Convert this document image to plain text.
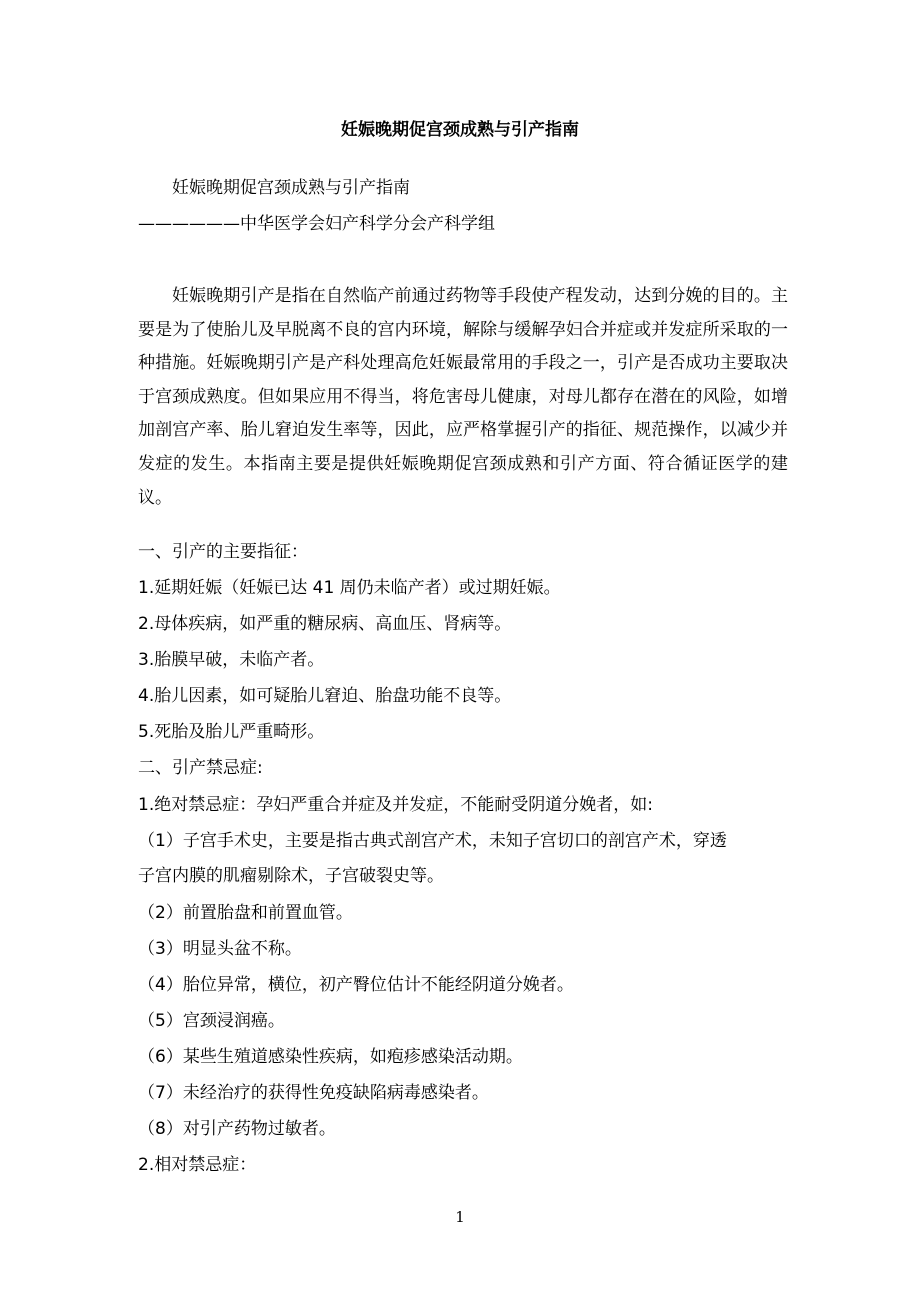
妊娠晚期促宫颈成熟与引产指南
妊娠晚期促宫颈成熟与引产指南
——————中华医学会妇产科学分会产科学组

妊娠晚期引产是指在自然临产前通过药物等手段使产程发动，达到分娩的目的。主要是为了使胎儿及早脱离不良的宫内环境，解除与缓解孕妇合并症或并发症所采取的一种措施。妊娠晚期引产是产科处理高危妊娠最常用的手段之一，引产是否成功主要取决于宫颈成熟度。但如果应用不得当，将危害母儿健康，对母儿都存在潜在的风险，如增加剖宫产率、胎儿窘迫发生率等，因此，应严格掌握引产的指征、规范操作，以减少并发症的发生。本指南主要是提供妊娠晚期促宫颈成熟和引产方面、符合循证医学的建议。

一、引产的主要指征：
1.延期妊娠（妊娠已达 41 周仍未临产者）或过期妊娠。
2.母体疾病，如严重的糖尿病、高血压、肾病等。
3.胎膜早破，未临产者。
4.胎儿因素，如可疑胎儿窘迫、胎盘功能不良等。
5.死胎及胎儿严重畸形。
二、引产禁忌症:
1.绝对禁忌症：孕妇严重合并症及并发症，不能耐受阴道分娩者，如:
（1）子宫手术史，主要是指古典式剖宫产术，未知子宫切口的剖宫产术，穿透
子宫内膜的肌瘤剔除术，子宫破裂史等。
（2）前置胎盘和前置血管。
（3）明显头盆不称。
（4）胎位异常，横位，初产臀位估计不能经阴道分娩者。
（5）宫颈浸润癌。
（6）某些生殖道感染性疾病，如疱疹感染活动期。
（7）未经治疗的获得性免疫缺陷病毒感染者。
（8）对引产药物过敏者。
2.相对禁忌症：
1
